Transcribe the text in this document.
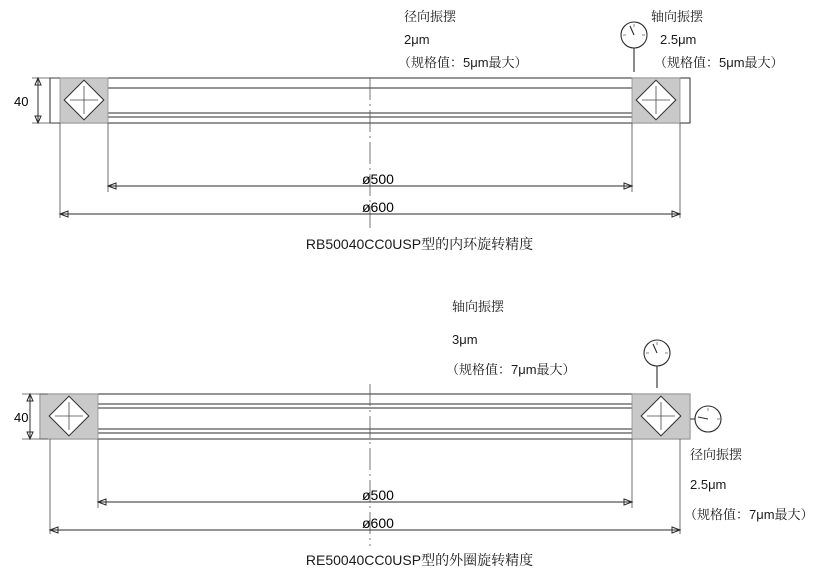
径向振摆
2μm
（规格值：5μm最大）
轴向振摆
2.5μm
（规格值：5μm最大）
40
ø500
ø600
RB50040CC0USP型的内环旋转精度
轴向振摆
3μm
（规格值：7μm最大）
径向振摆
2.5μm
（规格值：7μm最大）
40
ø500
ø600
RE50040CC0USP型的外圈旋转精度
